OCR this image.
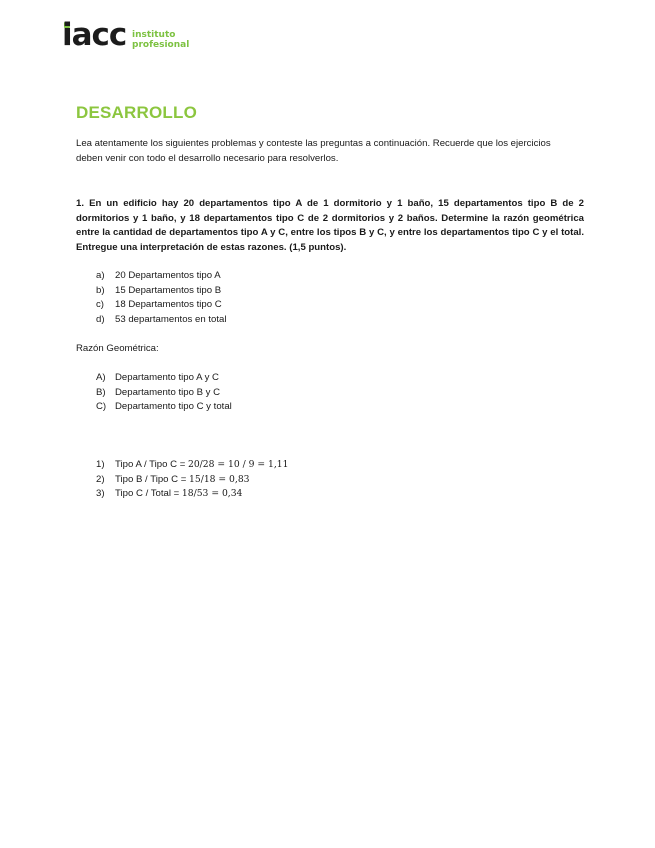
iacc instituto
profesional
DESARROLLO

Lea atentamente los siguientes problemas y conteste las preguntas a continuación. Recuerde que los ejercicios deben venir con todo el desarrollo necesario para resolverlos.

1. En un edificio hay 20 departamentos tipo A de 1 dormitorio y 1 baño, 15 departamentos tipo B de 2 dormitorios y 1 baño, y 18 departamentos tipo C de 2 dormitorios y 2 baños. Determine la razón geométrica entre la cantidad de departamentos tipo A y C, entre los tipos B y C, y entre los departamentos tipo C y el total. Entregue una interpretación de estas razones. (1,5 puntos).

a) 20 Departamentos tipo A
b) 15 Departamentos tipo B
c) 18 Departamentos tipo C
d) 53 departamentos en total

Razón Geométrica:

A) Departamento tipo A y C
B) Departamento tipo B y C
C) Departamento tipo C y total
1) Tipo A / Tipo C = 20/28 = 10 / 9 = 1,11
2) Tipo B / Tipo C = 15/18 = 0,83
3) Tipo C / Total = 18/53 = 0,34
